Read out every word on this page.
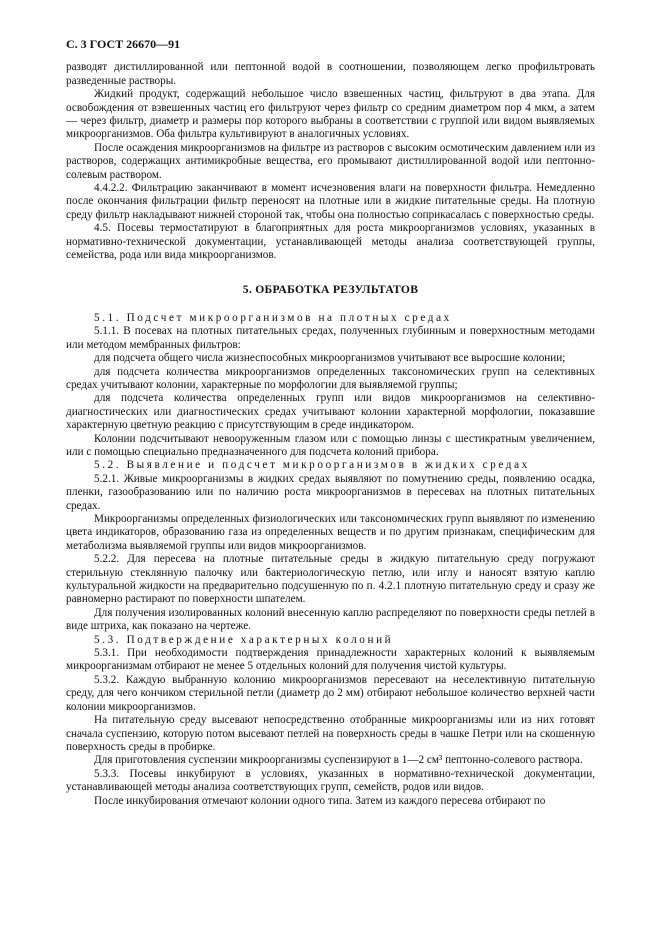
С. 3 ГОСТ 26670—91

разводят дистиллированной или пептонной водой в соотношении, позволяющем легко профильтровать разведенные растворы.

Жидкий продукт, содержащий небольшое число взвешенных частиц, фильтруют в два этапа. Для освобождения от взвешенных частиц его фильтруют через фильтр со средним диаметром пор 4 мкм, а затем — через фильтр, диаметр и размеры пор которого выбраны в соответствии с группой или видом выявляемых микроорганизмов. Оба фильтра культивируют в аналогичных условиях.

После осаждения микроорганизмов на фильтре из растворов с высоким осмотическим давлением или из растворов, содержащих антимикробные вещества, его промывают дистиллированной водой или пептонно-солевым раствором.

4.4.2.2. Фильтрацию заканчивают в момент исчезновения влаги на поверхности фильтра. Немедленно после окончания фильтрации фильтр переносят на плотные или в жидкие питательные среды. На плотную среду фильтр накладывают нижней стороной так, чтобы она полностью соприкасалась с поверхностью среды.

4.5. Посевы термостатируют в благоприятных для роста микроорганизмов условиях, указанных в нормативно-технической документации, устанавливающей методы анализа соответствующей группы, семейства, рода или вида микроорганизмов.

5. ОБРАБОТКА РЕЗУЛЬТАТОВ

5.1. Подсчет микроорганизмов на плотных средах

5.1.1. В посевах на плотных питательных средах, полученных глубинным и поверхностным методами или методом мембранных фильтров:

для подсчета общего числа жизнеспособных микроорганизмов учитывают все выросшие колонии;

для подсчета количества микроорганизмов определенных таксономических групп на селективных средах учитывают колонии, характерные по морфологии для выявляемой группы;

для подсчета количества определенных групп или видов микроорганизмов на селективно-диагностических или диагностических средах учитывают колонии характерной морфологии, показавшие характерную цветную реакцию с присутствующим в среде индикатором.

Колонии подсчитывают невооруженным глазом или с помощью линзы с шестикратным увеличением, или с помощью специально предназначенного для подсчета колоний прибора.

5.2. Выявление и подсчет микроорганизмов в жидких средах

5.2.1. Живые микроорганизмы в жидких средах выявляют по помутнению среды, появлению осадка, пленки, газообразованию или по наличию роста микроорганизмов в пересевах на плотных питательных средах.

Микроорганизмы определенных физиологических или таксономических групп выявляют по изменению цвета индикаторов, образованию газа из определенных веществ и по другим признакам, специфическим для метаболизма выявляемой группы или видов микроорганизмов.

5.2.2. Для пересева на плотные питательные среды в жидкую питательную среду погружают стерильную стеклянную палочку или бактериологическую петлю, или иглу и наносят взятую каплю культуральной жидкости на предварительно подсушенную по п. 4.2.1 плотную питательную среду и сразу же равномерно растирают по поверхности шпателем.

Для получения изолированных колоний внесенную каплю распределяют по поверхности среды петлей в виде штриха, как показано на чертеже.

5.3. Подтверждение характерных колоний

5.3.1. При необходимости подтверждения принадлежности характерных колоний к выявляемым микроорганизмам отбирают не менее 5 отдельных колоний для получения чистой культуры.

5.3.2. Каждую выбранную колонию микроорганизмов пересевают на неселективную питательную среду, для чего кончиком стерильной петли (диаметр до 2 мм) отбирают небольшое количество верхней части колонии микроорганизмов.

На питательную среду высевают непосредственно отобранные микроорганизмы или из них готовят сначала суспензию, которую потом высевают петлей на поверхность среды в чашке Петри или на скошенную поверхность среды в пробирке.

Для приготовления суспензии микроорганизмы суспензируют в 1—2 см³ пептонно-солевого раствора.

5.3.3. Посевы инкубируют в условиях, указанных в нормативно-технической документации, устанавливающей методы анализа соответствующих групп, семейств, родов или видов.

После инкубирования отмечают колонии одного типа. Затем из каждого пересева отбирают по
